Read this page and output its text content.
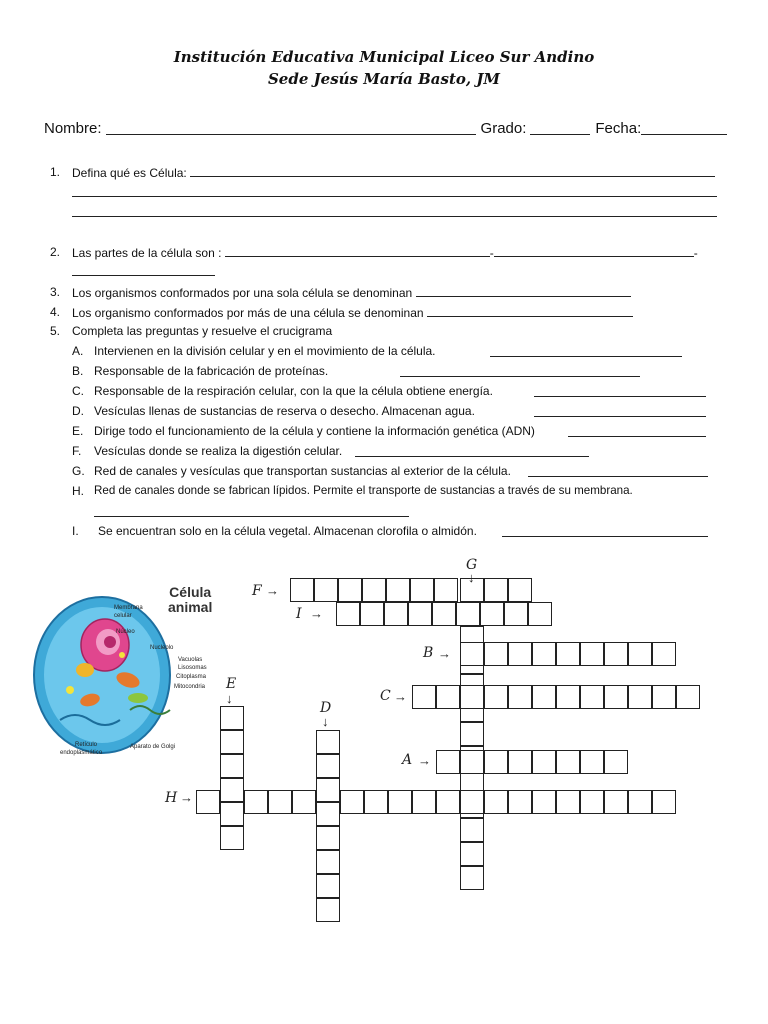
Institución Educativa Municipal Liceo Sur Andino
Sede Jesús María Basto, JM
Nombre:	Grado:	Fecha:
1. Defina qué es Célula:
2. Las partes de la célula son :	-	-
3. Los organismos conformados por una sola célula se denominan
4. Los organismo conformados por más de una célula se denominan
5. Completa las preguntas y resuelve el crucigrama
A. Intervienen en la división celular y en el movimiento de la célula.
B. Responsable de la fabricación de proteínas.
C. Responsable de la respiración celular, con la que la célula obtiene energía.
D. Vesículas llenas de sustancias de reserva o desecho. Almacenan agua.
E. Dirige todo el funcionamiento de la célula y contiene la información genética (ADN)
F. Vesículas donde se realiza la digestión celular.
G. Red de canales y vesículas que transportan sustancias al exterior de la célula.
H. Red de canales donde se fabrican lípidos. Permite el transporte de sustancias a través de su membrana.
I. Se encuentran solo en la célula vegetal. Almacenan clorofila o almidón.
Célula
animal
Membrana
celular
Núcleo
Nucleolo
Vacuolas
Lisosomas
Citoplasma
Mitocondria
Retículo
endoplasmático
Aparato de Golgi
F →
I →
G
↓
B →
C →
A →
E
↓
D
↓
H →
